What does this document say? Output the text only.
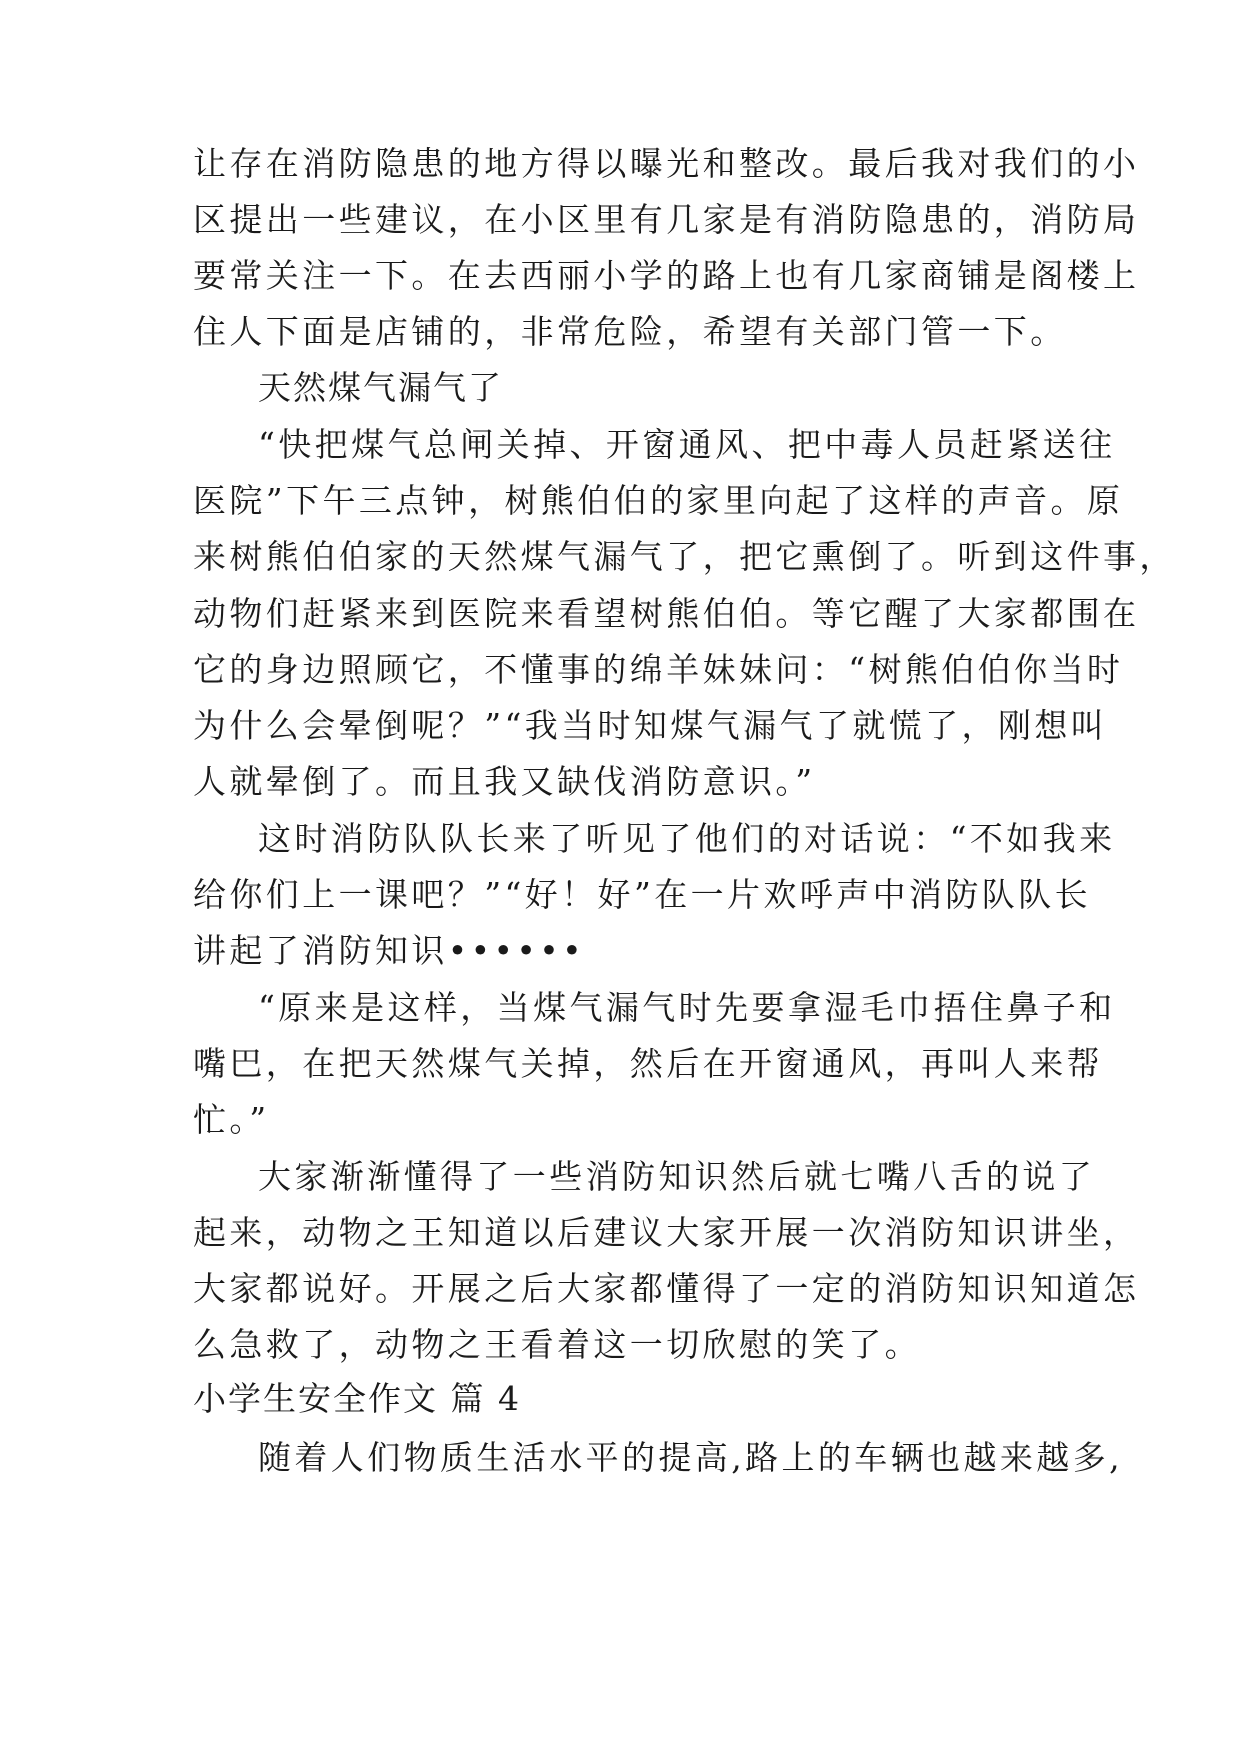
让存在消防隐患的地方得以曝光和整改。最后我对我们的小
区提出一些建议，在小区里有几家是有消防隐患的，消防局
要常关注一下。在去西丽小学的路上也有几家商铺是阁楼上
住人下面是店铺的，非常危险，希望有关部门管一下。
天然煤气漏气了
“快把煤气总闸关掉、开窗通风、把中毒人员赶紧送往
医院”下午三点钟，树熊伯伯的家里向起了这样的声音。原
来树熊伯伯家的天然煤气漏气了，把它熏倒了。听到这件事，
动物们赶紧来到医院来看望树熊伯伯。等它醒了大家都围在
它的身边照顾它，不懂事的绵羊妹妹问：“树熊伯伯你当时
为什么会晕倒呢？”“我当时知煤气漏气了就慌了，刚想叫
人就晕倒了。而且我又缺伐消防意识。”
这时消防队队长来了听见了他们的对话说：“不如我来
给你们上一课吧？”“好！好”在一片欢呼声中消防队队长
讲起了消防知识••••••
“原来是这样，当煤气漏气时先要拿湿毛巾捂住鼻子和
嘴巴，在把天然煤气关掉，然后在开窗通风，再叫人来帮
忙。”
大家渐渐懂得了一些消防知识然后就七嘴八舌的说了
起来，动物之王知道以后建议大家开展一次消防知识讲坐，
大家都说好。开展之后大家都懂得了一定的消防知识知道怎
么急救了，动物之王看着这一切欣慰的笑了。
小学生安全作文 篇 4
随着人们物质生活水平的提高,路上的车辆也越来越多,
